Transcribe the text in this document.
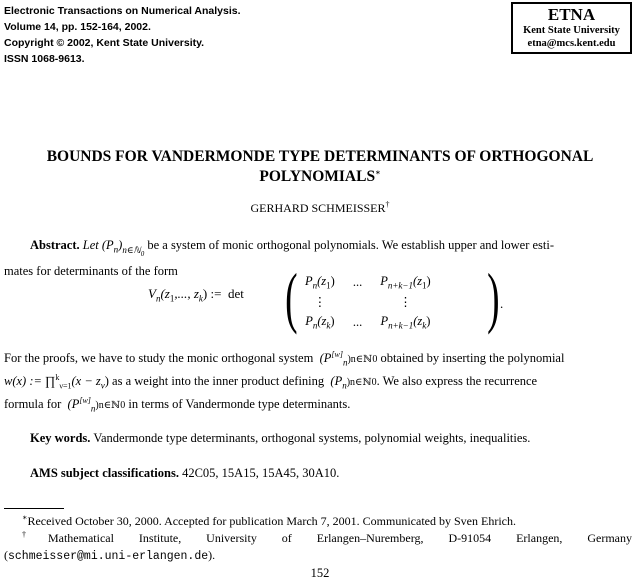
Electronic Transactions on Numerical Analysis.
Volume 14, pp. 152-164, 2002.
Copyright © 2002, Kent State University.
ISSN 1068-9613.
ETNA
Kent State University
etna@mcs.kent.edu
BOUNDS FOR VANDERMONDE TYPE DETERMINANTS OF ORTHOGONAL
POLYNOMIALS∗
GERHARD SCHMEISSER†
Abstract. Let $(P_n)_{n\in ℕ_0}$ be a system of monic orthogonal polynomials. We establish upper and lower esti-
mates for determinants of the form
$V_n(z_1$,..., $z_k$) := det (	) .
$P_n(z_1)$	...	$P_{n+k-1}(z_1)$
⋮		⋮
$P_n(z_k)$	...	$P_{n+k-1}(z_k)$
For the proofs, we have to study the monic orthogonal system $(P[w]_n)n\in ℕ0$ obtained by inserting the polynomial
w(x) := ∏$^k_{\nu=1}$(x − $z_\nu$) as a weight into the inner product defining $(P_n)n\in ℕ0$. We also express the recurrence
formula for $(P[w]_n)n\in ℕ0$ in terms of Vandermonde type determinants.
Key words. Vandermonde type determinants, orthogonal systems, polynomial weights, inequalities.
AMS subject classifications. 42C05, 15A15, 15A45, 30A10.
∗Received October 30, 2000. Accepted for publication March 7, 2001. Communicated by Sven Ehrich.
†Mathematical Institute, University of Erlangen–Nuremberg, D-91054 Erlangen, Germany
(schmeisser@mi.uni-erlangen.de).
152
